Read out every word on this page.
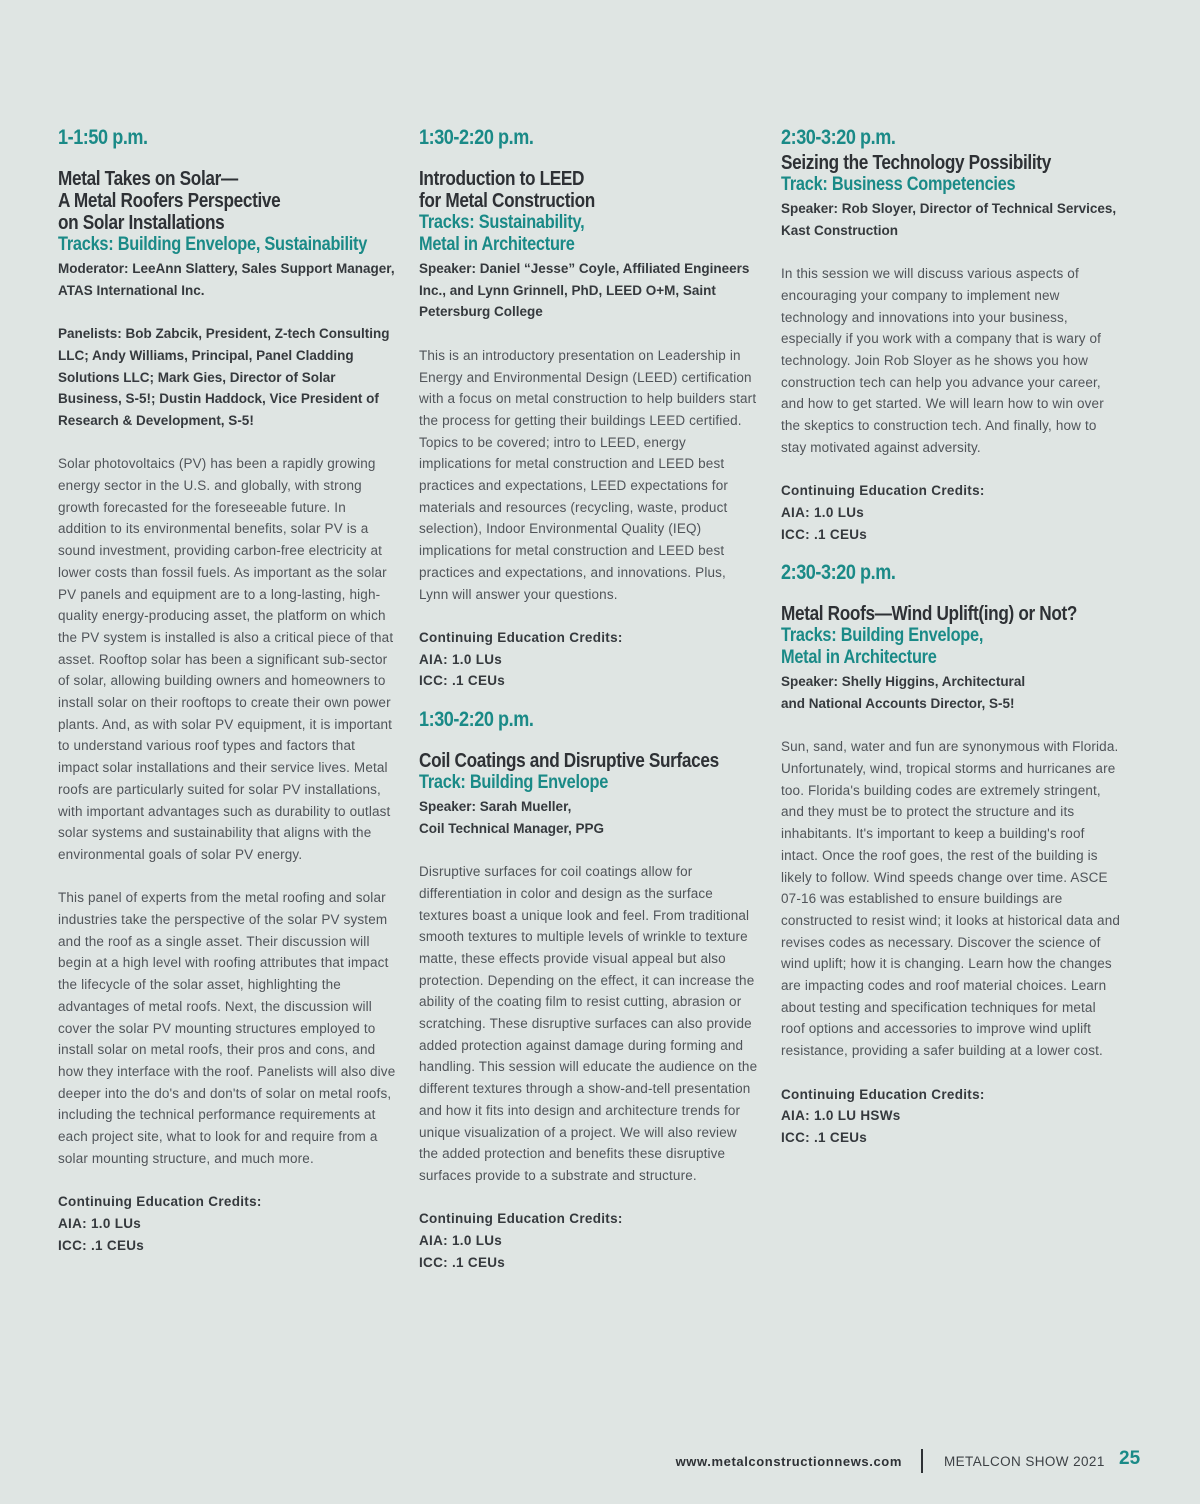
1-1:50 p.m.
Metal Takes on Solar—
A Metal Roofers Perspective
on Solar Installations
Tracks: Building Envelope, Sustainability

Moderator: LeeAnn Slattery, Sales Support Manager, ATAS International Inc.

Panelists: Bob Zabcik, President, Z-tech Consulting LLC; Andy Williams, Principal, Panel Cladding Solutions LLC; Mark Gies, Director of Solar Business, S-5!; Dustin Haddock, Vice President of Research & Development, S-5!

Solar photovoltaics (PV) has been a rapidly growing energy sector in the U.S. and globally, with strong growth forecasted for the foreseeable future. In addition to its environmental benefits, solar PV is a sound investment, providing carbon-free electricity at lower costs than fossil fuels. As important as the solar PV panels and equipment are to a long-lasting, high-quality energy-producing asset, the platform on which the PV system is installed is also a critical piece of that asset. Rooftop solar has been a significant sub-sector of solar, allowing building owners and homeowners to install solar on their rooftops to create their own power plants. And, as with solar PV equipment, it is important to understand various roof types and factors that impact solar installations and their service lives. Metal roofs are particularly suited for solar PV installations, with important advantages such as durability to outlast solar systems and sustainability that aligns with the environmental goals of solar PV energy.

This panel of experts from the metal roofing and solar industries take the perspective of the solar PV system and the roof as a single asset. Their discussion will begin at a high level with roofing attributes that impact the lifecycle of the solar asset, highlighting the advantages of metal roofs. Next, the discussion will cover the solar PV mounting structures employed to install solar on metal roofs, their pros and cons, and how they interface with the roof. Panelists will also dive deeper into the do's and don'ts of solar on metal roofs, including the technical performance requirements at each project site, what to look for and require from a solar mounting structure, and much more.

Continuing Education Credits:
AIA: 1.0 LUs
ICC: .1 CEUs
1:30-2:20 p.m.
Introduction to LEED
for Metal Construction
Tracks: Sustainability,
Metal in Architecture

Speaker: Daniel “Jesse” Coyle, Affiliated Engineers Inc., and Lynn Grinnell, PhD, LEED O+M, Saint Petersburg College

This is an introductory presentation on Leadership in Energy and Environmental Design (LEED) certification with a focus on metal construction to help builders start the process for getting their buildings LEED certified. Topics to be covered; intro to LEED, energy implications for metal construction and LEED best practices and expectations, LEED expectations for materials and resources (recycling, waste, product selection), Indoor Environmental Quality (IEQ) implications for metal construction and LEED best practices and expectations, and innovations. Plus, Lynn will answer your questions.

Continuing Education Credits:
AIA: 1.0 LUs
ICC: .1 CEUs
1:30-2:20 p.m.
Coil Coatings and Disruptive Surfaces
Track: Building Envelope

Speaker: Sarah Mueller,
Coil Technical Manager, PPG

Disruptive surfaces for coil coatings allow for differentiation in color and design as the surface textures boast a unique look and feel. From traditional smooth textures to multiple levels of wrinkle to texture matte, these effects provide visual appeal but also protection. Depending on the effect, it can increase the ability of the coating film to resist cutting, abrasion or scratching. These disruptive surfaces can also provide added protection against damage during forming and handling. This session will educate the audience on the different textures through a show-and-tell presentation and how it fits into design and architecture trends for unique visualization of a project. We will also review the added protection and benefits these disruptive surfaces provide to a substrate and structure.

Continuing Education Credits:
AIA: 1.0 LUs
ICC: .1 CEUs
2:30-3:20 p.m.
Seizing the Technology Possibility
Track: Business Competencies

Speaker: Rob Sloyer, Director of Technical Services, Kast Construction

In this session we will discuss various aspects of encouraging your company to implement new technology and innovations into your business, especially if you work with a company that is wary of technology. Join Rob Sloyer as he shows you how construction tech can help you advance your career, and how to get started. We will learn how to win over the skeptics to construction tech. And finally, how to stay motivated against adversity.

Continuing Education Credits:
AIA: 1.0 LUs
ICC: .1 CEUs
2:30-3:20 p.m.
Metal Roofs—Wind Uplift(ing) or Not?
Tracks: Building Envelope,
Metal in Architecture

Speaker: Shelly Higgins, Architectural
and National Accounts Director, S-5!

Sun, sand, water and fun are synonymous with Florida. Unfortunately, wind, tropical storms and hurricanes are too. Florida's building codes are extremely stringent, and they must be to protect the structure and its inhabitants. It's important to keep a building's roof intact. Once the roof goes, the rest of the building is likely to follow. Wind speeds change over time. ASCE 07-16 was established to ensure buildings are constructed to resist wind; it looks at historical data and revises codes as necessary. Discover the science of wind uplift; how it is changing. Learn how the changes are impacting codes and roof material choices. Learn about testing and specification techniques for metal roof options and accessories to improve wind uplift resistance, providing a safer building at a lower cost.

Continuing Education Credits:
AIA: 1.0 LU HSWs
ICC: .1 CEUs
www.metalconstructionnews.com	METALCON SHOW 2021 25
